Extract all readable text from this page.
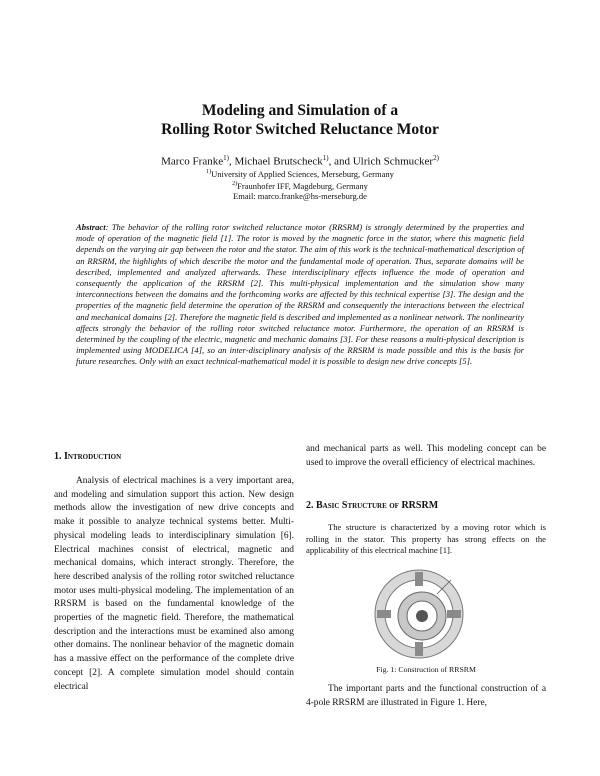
Modeling and Simulation of a
Rolling Rotor Switched Reluctance Motor
Marco Franke$^{1)}$, Michael Brutscheck$^{1)}$, and Ulrich Schmucker$^{2)}$
$^{1)}$University of Applied Sciences, Merseburg, Germany
$^{2)}$Fraunhofer IFF, Magdeburg, Germany
Email: marco.franke@hs-merseburg.de

Abstract: The behavior of the rolling rotor switched reluctance motor (RRSRM) is strongly determined by the properties and mode of operation of the magnetic field [1]. The rotor is moved by the magnetic force in the stator, where this magnetic field depends on the varying air gap between the rotor and the stator. The aim of this work is the technical-mathematical description of an RRSRM, the highlights of which describe the motor and the fundamental mode of operation. Thus, separate domains will be described, implemented and analyzed afterwards. These interdisciplinary effects influence the mode of operation and consequently the application of the RRSRM [2]. This multi-physical implementation and the simulation show many interconnections between the domains and the forthcoming works are affected by this technical expertise [3]. The design and the properties of the magnetic field determine the operation of the RRSRM and consequently the interactions between the electrical and mechanical domains [2]. Therefore the magnetic field is described and implemented as a nonlinear network. The nonlinearity affects strongly the behavior of the rolling rotor switched reluctance motor. Furthermore, the operation of an RRSRM is determined by the coupling of the electric, magnetic and mechanic domains [3]. For these reasons a multi-physical description is implemented using MODELICA [4], so an inter-disciplinary analysis of the RRSRM is made possible and this is the basis for future researches. Only with an exact technical-mathematical model it is possible to design new drive concepts [5].

1. Introduction

Analysis of electrical machines is a very important area, and modeling and simulation support this action. New design methods allow the investigation of new drive concepts and make it possible to analyze technical systems better. Multi-physical modeling leads to interdisciplinary simulation [6]. Electrical machines consist of electrical, magnetic and mechanical domains, which interact strongly. Therefore, the here described analysis of the rolling rotor switched reluctance motor uses multi-physical modeling. The implementation of an RRSRM is based on the fundamental knowledge of the properties of the magnetic field. Therefore, the mathematical description and the interactions must be examined also among other domains. The nonlinear behavior of the magnetic domain has a massive effect on the performance of the complete drive concept [2]. A complete simulation model should contain electrical

and mechanical parts as well. This modeling concept can be used to improve the overall efficiency of electrical machines.

2. Basic Structure of RRSRM

The structure is characterized by a moving rotor which is rolling in the stator. This property has strong effects on the applicability of this electrical machine [1].

Fig. 1: Construction of RRSRM

The important parts and the functional construction of a 4-pole RRSRM are illustrated in Figure 1. Here,
